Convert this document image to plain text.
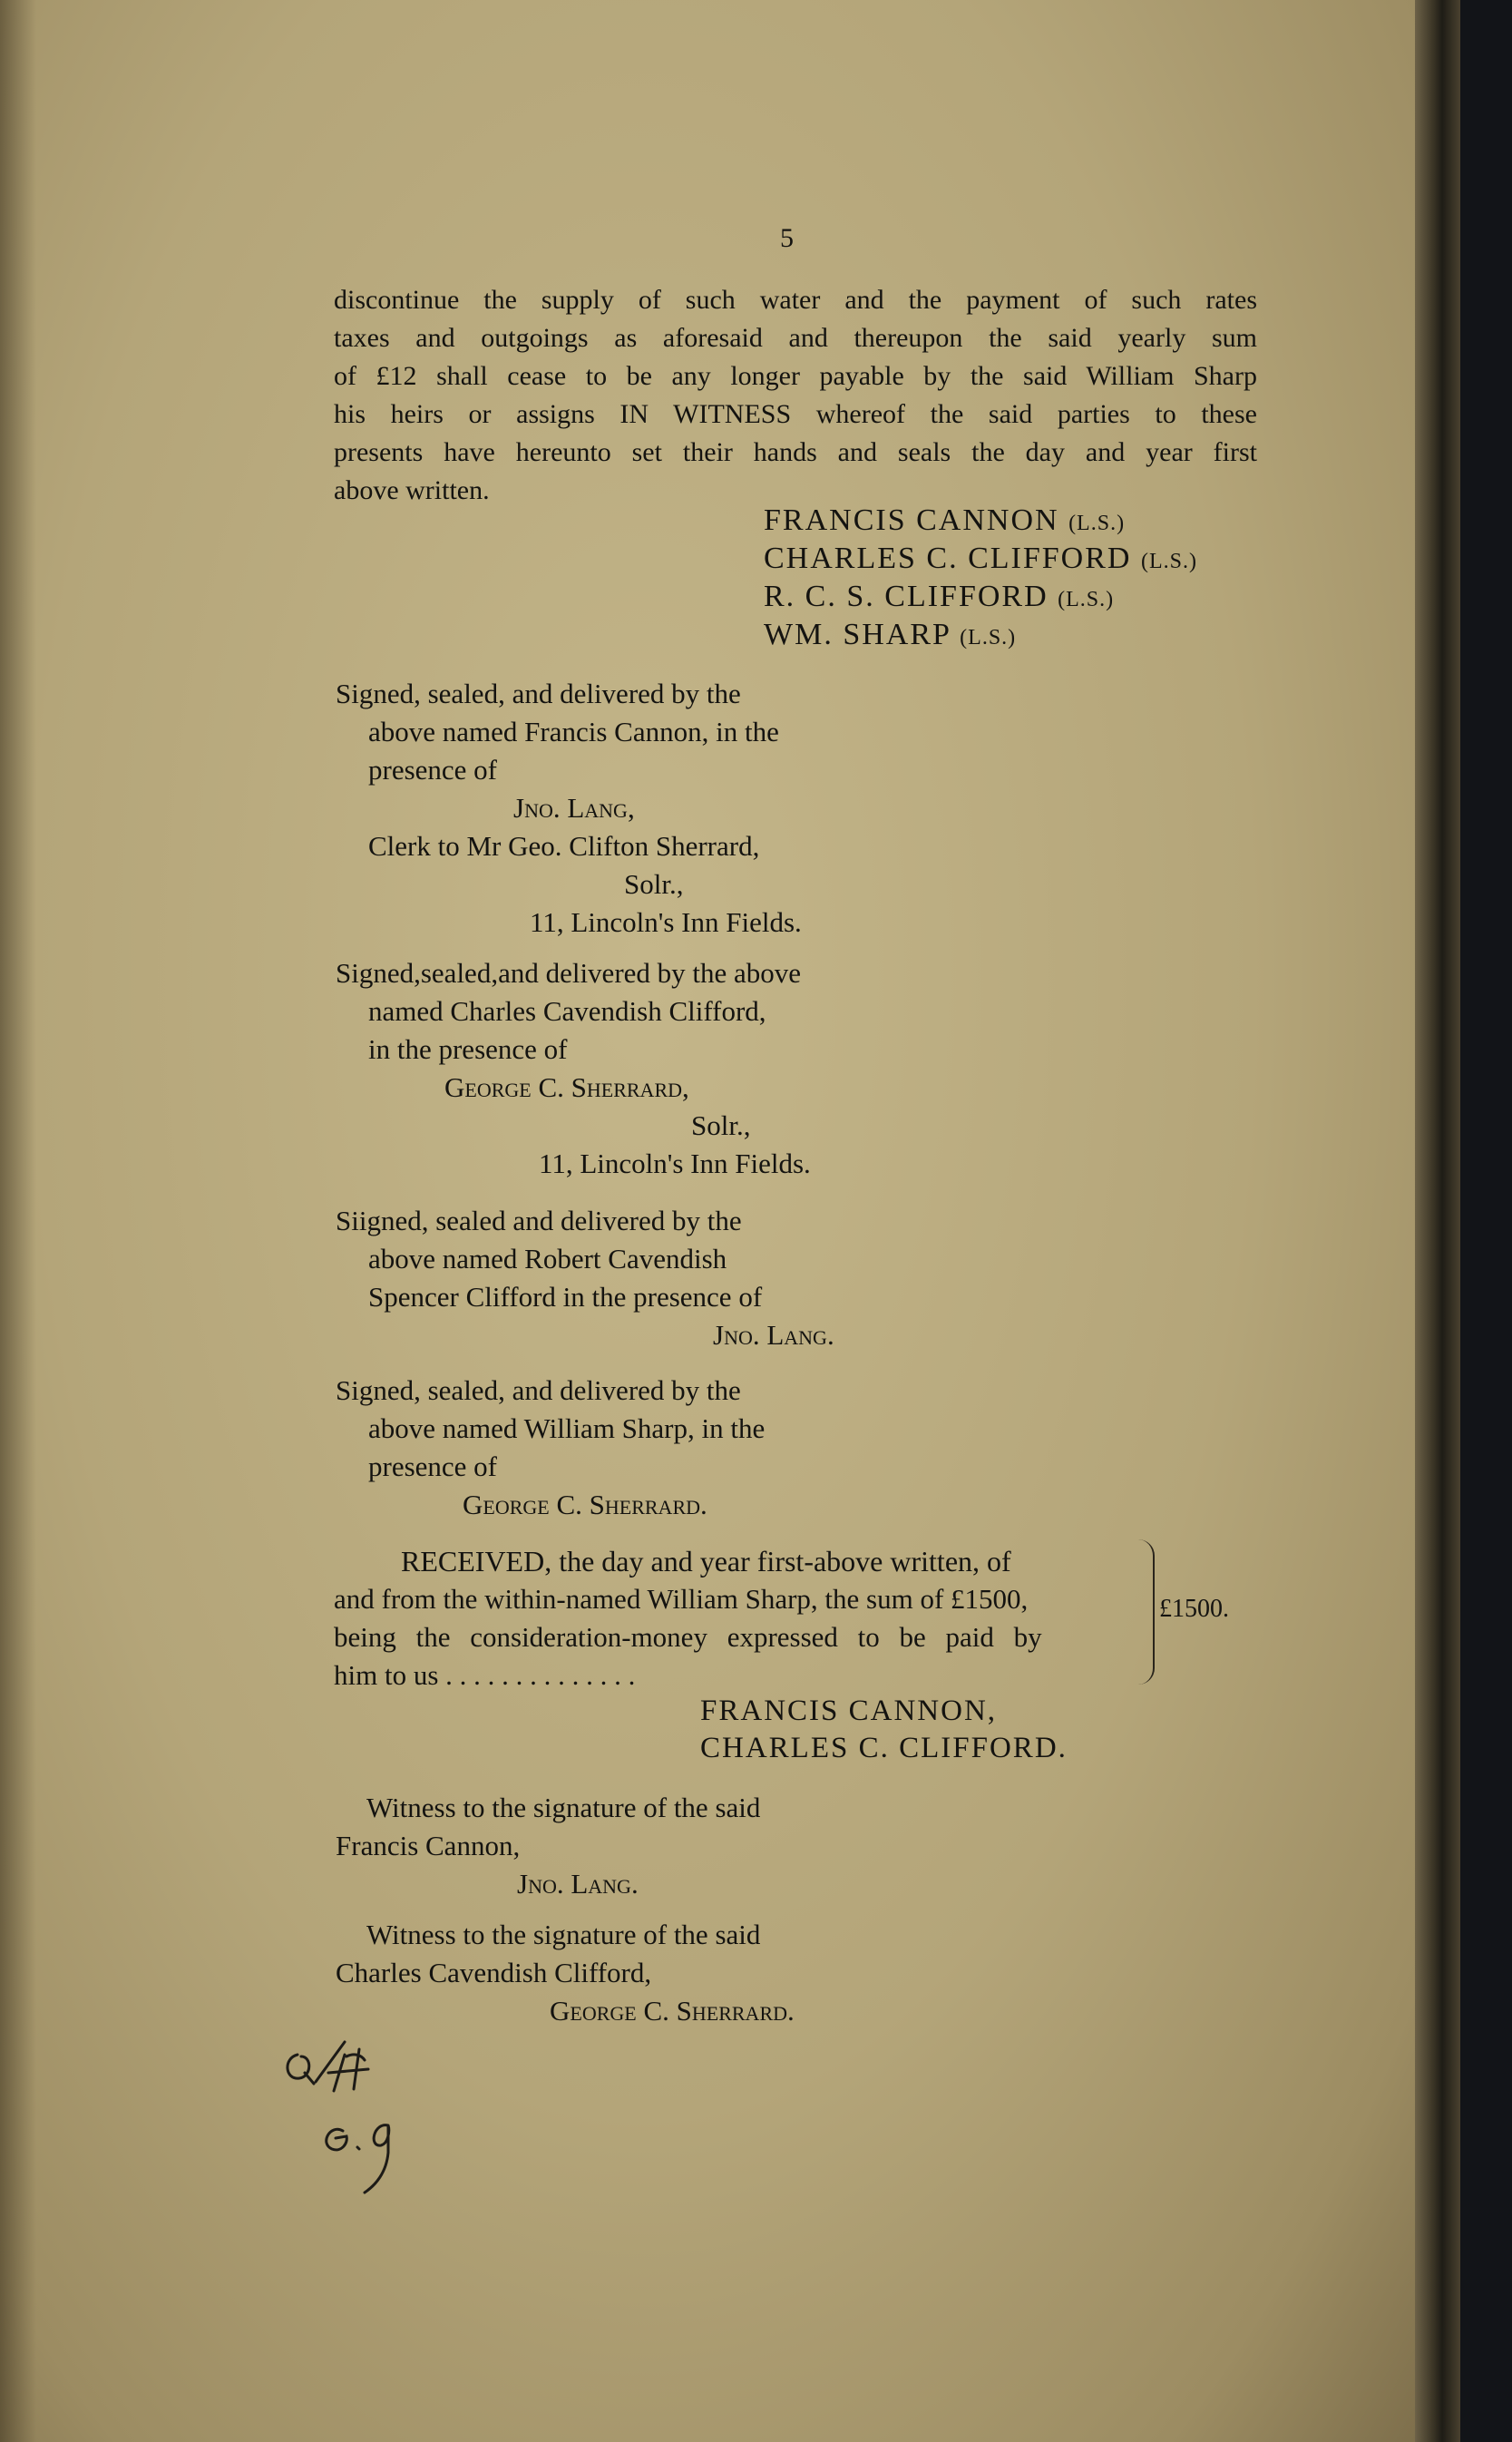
5
discontinue the supply of such water and the payment of such rates
taxes and outgoings as aforesaid and thereupon the said yearly sum
of £12 shall cease to be any longer payable by the said William Sharp
his heirs or assigns IN WITNESS whereof the said parties to these
presents have hereunto set their hands and seals the day and year first
above written.
FRANCIS CANNON (L.S.)
CHARLES C. CLIFFORD (L.S.)
R. C. S. CLIFFORD (L.S.)
WM. SHARP (L.S.)
Signed, sealed, and delivered by the
above named Francis Cannon, in the
presence of
Jno. Lang,
Clerk to Mr Geo. Clifton Sherrard,
Solr.,
11, Lincoln's Inn Fields.
Signed,sealed,and delivered by the above
named Charles Cavendish Clifford,
in the presence of
George C. Sherrard,
Solr.,
11, Lincoln's Inn Fields.
Siigned, sealed and delivered by the
above named Robert Cavendish
Spencer Clifford in the presence of
Jno. Lang.
Signed, sealed, and delivered by the
above named William Sharp, in the
presence of
George C. Sherrard.
RECEIVED, the day and year first-above written, of
and from the within-named William Sharp, the sum of £1500,
being the consideration-money expressed to be paid by
him to us . . . . . . . . . . . . . .
£1500.
FRANCIS CANNON,
CHARLES C. CLIFFORD.
Witness to the signature of the said
Francis Cannon,
Jno. Lang.
Witness to the signature of the said
Charles Cavendish Clifford,
George C. Sherrard.
